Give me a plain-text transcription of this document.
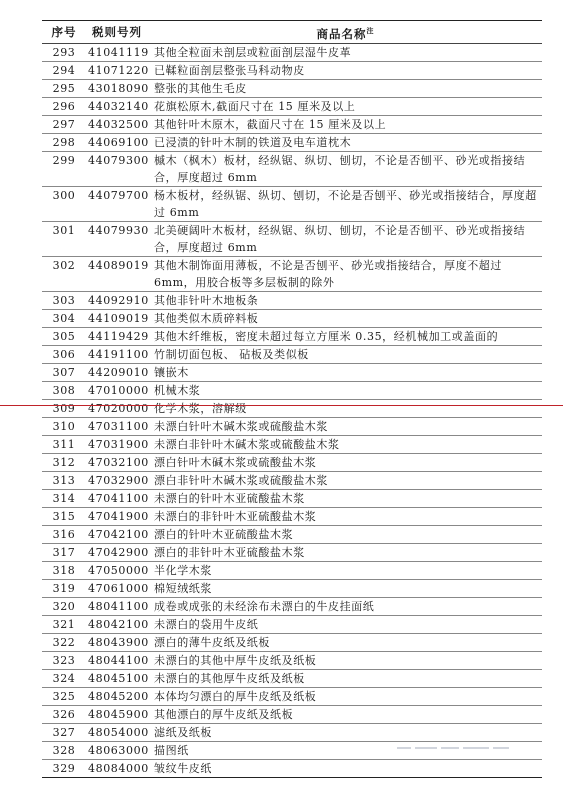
序号	税则号列	商品名称$^注$
293	41041119	其他全粒面未剖层或粒面剖层湿牛皮革
294	41071220	已鞣粒面剖层整张马科动物皮
295	43018090	整张的其他生毛皮
296	44032140	花旗松原木,截面尺寸在 15 厘米及以上
297	44032500	其他针叶木原木，截面尺寸在 15 厘米及以上
298	44069100	已浸渍的针叶木制的铁道及电车道枕木
299	44079300	槭木（枫木）板材，经纵锯、纵切、刨切，不论是否刨平、砂光或指接结合，厚度超过 6mm
300	44079700	杨木板材，经纵锯、纵切、刨切，不论是否刨平、砂光或指接结合，厚度超过 6mm
301	44079930	北美硬阔叶木板材，经纵锯、纵切、刨切，不论是否刨平、砂光或指接结合，厚度超过 6mm
302	44089019	其他木制饰面用薄板，不论是否刨平、砂光或指接结合，厚度不超过 6mm，用胶合板等多层板制的除外
303	44092910	其他非针叶木地板条
304	44109019	其他类似木质碎料板
305	44119429	其他木纤维板，密度未超过每立方厘米 0.35，经机械加工或盖面的
306	44191100	竹制切面包板、 砧板及类似板
307	44209010	镶嵌木
308	47010000	机械木浆
309	47020000	化学木浆，溶解级
310	47031100	未漂白针叶木碱木浆或硫酸盐木浆
311	47031900	未漂白非针叶木碱木浆或硫酸盐木浆
312	47032100	漂白针叶木碱木浆或硫酸盐木浆
313	47032900	漂白非针叶木碱木浆或硫酸盐木浆
314	47041100	未漂白的针叶木亚硫酸盐木浆
315	47041900	未漂白的非针叶木亚硫酸盐木浆
316	47042100	漂白的针叶木亚硫酸盐木浆
317	47042900	漂白的非针叶木亚硫酸盐木浆
318	47050000	半化学木浆
319	47061000	棉短绒纸浆
320	48041100	成卷或成张的未经涂布未漂白的牛皮挂面纸
321	48042100	未漂白的袋用牛皮纸
322	48043900	漂白的薄牛皮纸及纸板
323	48044100	未漂白的其他中厚牛皮纸及纸板
324	48045100	未漂白的其他厚牛皮纸及纸板
325	48045200	本体均匀漂白的厚牛皮纸及纸板
326	48045900	其他漂白的厚牛皮纸及纸板
327	48054000	滤纸及纸板
328	48063000	描图纸
329	48084000	皱纹牛皮纸
